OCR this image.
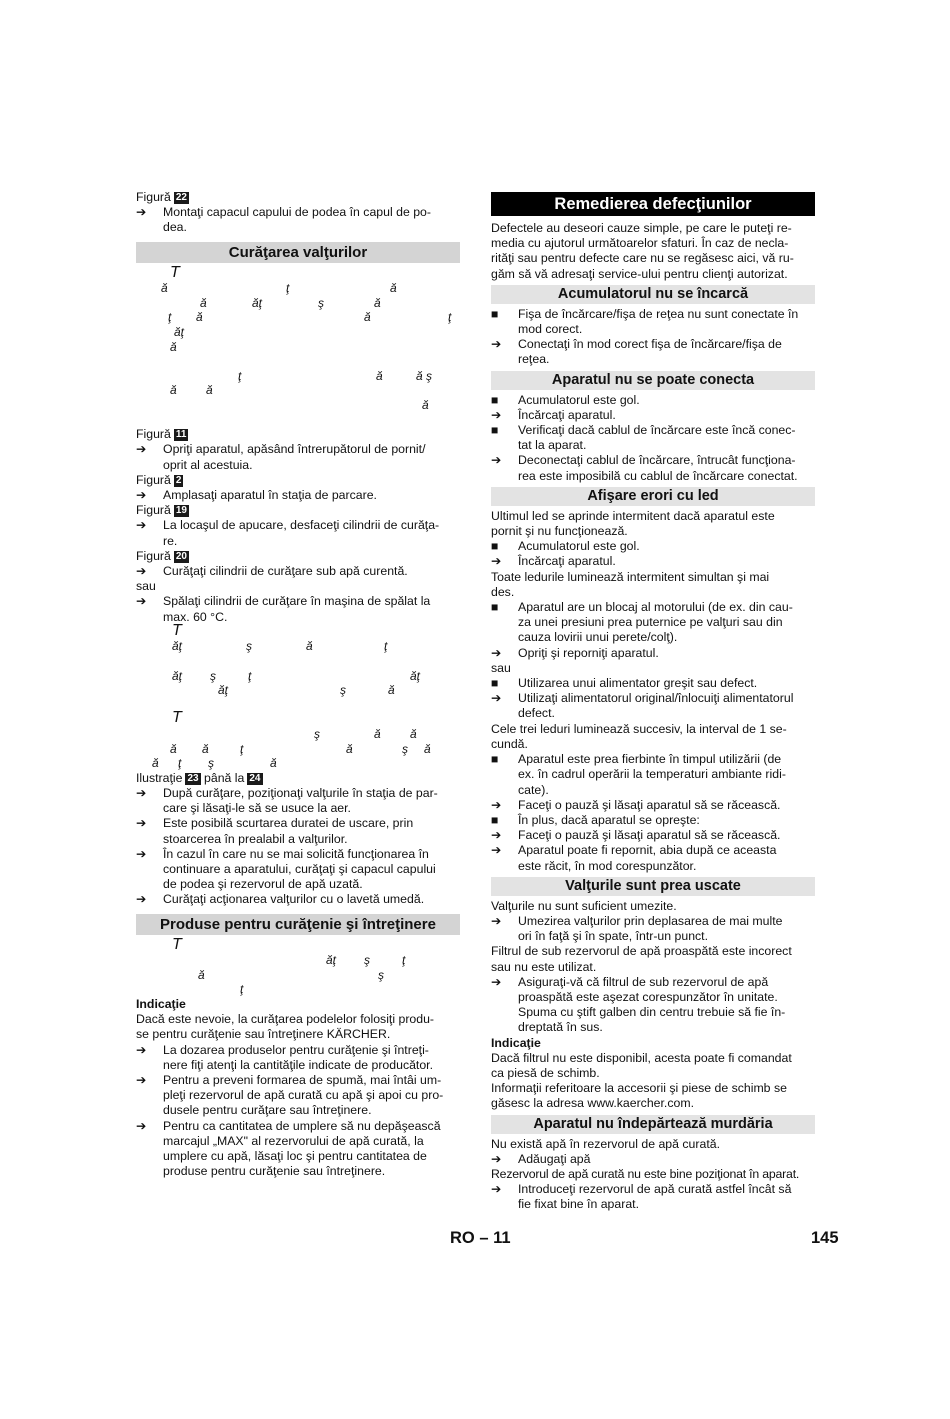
Figură 22
➔	Montaţi capacul capului de podea în capul de po-
dea.
Curăţarea valţurilor
T
ă	ţ	ă
ă	ăţ	ş	ă
ţ ă	ă	ţ
ăţ
ă
ţ	ă	ă ş
ă ă
ă
Figură 11
➔	Opriţi aparatul, apăsând întrerupătorul de pornit/
oprit al acestuia.
Figură 2
➔	Amplasaţi aparatul în staţia de parcare.
Figură 19
➔	La locaşul de apucare, desfaceţi cilindrii de curăţa-
re.
Figură 20
➔	Curăţaţi cilindrii de curăţare sub apă curentă.
sau
➔	Spălaţi cilindrii de curăţare în maşina de spălat la
max. 60 °C.
T
ăţ	ş	ă	ţ
ăţ ş	ţ	ăţ
ăţ	ş	ă
T
ş	ă ă
ă ă	ţ	ă	ş ă
ă ţ ş	ă
Ilustraţie 23 până la 24
➔	După curăţare, poziţionaţi valţurile în staţia de par-
care şi lăsaţi-le să se usuce la aer.
➔	Este posibilă scurtarea duratei de uscare, prin
stoarcerea în prealabil a valţurilor.
➔	În cazul în care nu se mai solicită funcţionarea în
continuare a aparatului, curăţaţi şi capacul capului
de podea şi rezervorul de apă uzată.
➔	Curăţaţi acţionarea valţurilor cu o lavetă umedă.
Produse pentru curăţenie şi întreţinere
T
ăţ ş	ţ
ă	ş
ţ
Indicaţie
Dacă este nevoie, la curăţarea podelelor folosiţi produ-
se pentru curăţenie sau întreţinere KÄRCHER.
➔	La dozarea produselor pentru curăţenie şi întreţi-
nere fiţi atenţi la cantităţile indicate de producător.
➔	Pentru a preveni formarea de spumă, mai întâi um-
pleţi rezervorul de apă curată cu apă şi apoi cu pro-
dusele pentru curăţare sau întreţinere.
➔	Pentru ca cantitatea de umplere să nu depăşească
marcajul „MAX" al rezervorului de apă curată, la
umplere cu apă, lăsaţi loc şi pentru cantitatea de
produse pentru curăţenie sau întreţinere.
Remedierea defecţiunilor
Defectele au deseori cauze simple, pe care le puteţi re-
media cu ajutorul următoarelor sfaturi. În caz de necla-
rităţi sau pentru defecte care nu se regăsesc aici, vă ru-
găm să vă adresaţi service-ului pentru clienţi autorizat.
Acumulatorul nu se încarcă
■	Fişa de încărcare/fişa de reţea nu sunt conectate în
mod corect.
➔	Conectaţi în mod corect fişa de încărcare/fişa de
reţea.
Aparatul nu se poate conecta
■	Acumulatorul este gol.
➔	Încărcaţi aparatul.
■	Verificaţi dacă cablul de încărcare este încă conec-
tat la aparat.
➔	Deconectaţi cablul de încărcare, întrucât funcţiona-
rea este imposibilă cu cablul de încărcare conectat.
Afişare erori cu led
Ultimul led se aprinde intermitent dacă aparatul este
pornit şi nu funcţionează.
■	Acumulatorul este gol.
➔	Încărcaţi aparatul.
Toate ledurile luminează intermitent simultan şi mai
des.
■	Aparatul are un blocaj al motorului (de ex. din cau-
za unei presiuni prea puternice pe valţuri sau din
cauza lovirii unui perete/colţ).
➔	Opriţi şi reporniţi aparatul.
sau
■	Utilizarea unui alimentator greşit sau defect.
➔	Utilizaţi alimentatorul original/înlocuiţi alimentatorul
defect.
Cele trei leduri luminează succesiv, la interval de 1 se-
cundă.
■	Aparatul este prea fierbinte în timpul utilizării (de
ex. în cadrul operării la temperaturi ambiante ridi-
cate).
➔	Faceţi o pauză şi lăsaţi aparatul să se răcească.
■	În plus, dacă aparatul se opreşte:
➔	Faceţi o pauză şi lăsaţi aparatul să se răcească.
➔	Aparatul poate fi repornit, abia după ce aceasta
este răcit, în mod corespunzător.
Valţurile sunt prea uscate
Valţurile nu sunt suficient umezite.
➔	Umezirea valţurilor prin deplasarea de mai multe
ori în faţă şi în spate, într-un punct.
Filtrul de sub rezervorul de apă proaspătă este incorect
sau nu este utilizat.
➔	Asiguraţi-vă că filtrul de sub rezervorul de apă
proaspătă este aşezat corespunzător în unitate.
Spuma cu ştift galben din centru trebuie să fie în-
dreptată în sus.
Indicaţie
Dacă filtrul nu este disponibil, acesta poate fi comandat
ca piesă de schimb.
Informaţii referitoare la accesorii şi piese de schimb se
găsesc la adresa www.kaercher.com.
Aparatul nu îndepărtează murdăria
Nu există apă în rezervorul de apă curată.
➔	Adăugaţi apă
Rezervorul de apă curată nu este bine poziţionat în aparat.
➔	Introduceţi rezervorul de apă curată astfel încât să
fie fixat bine în aparat.
RO – 11	145
